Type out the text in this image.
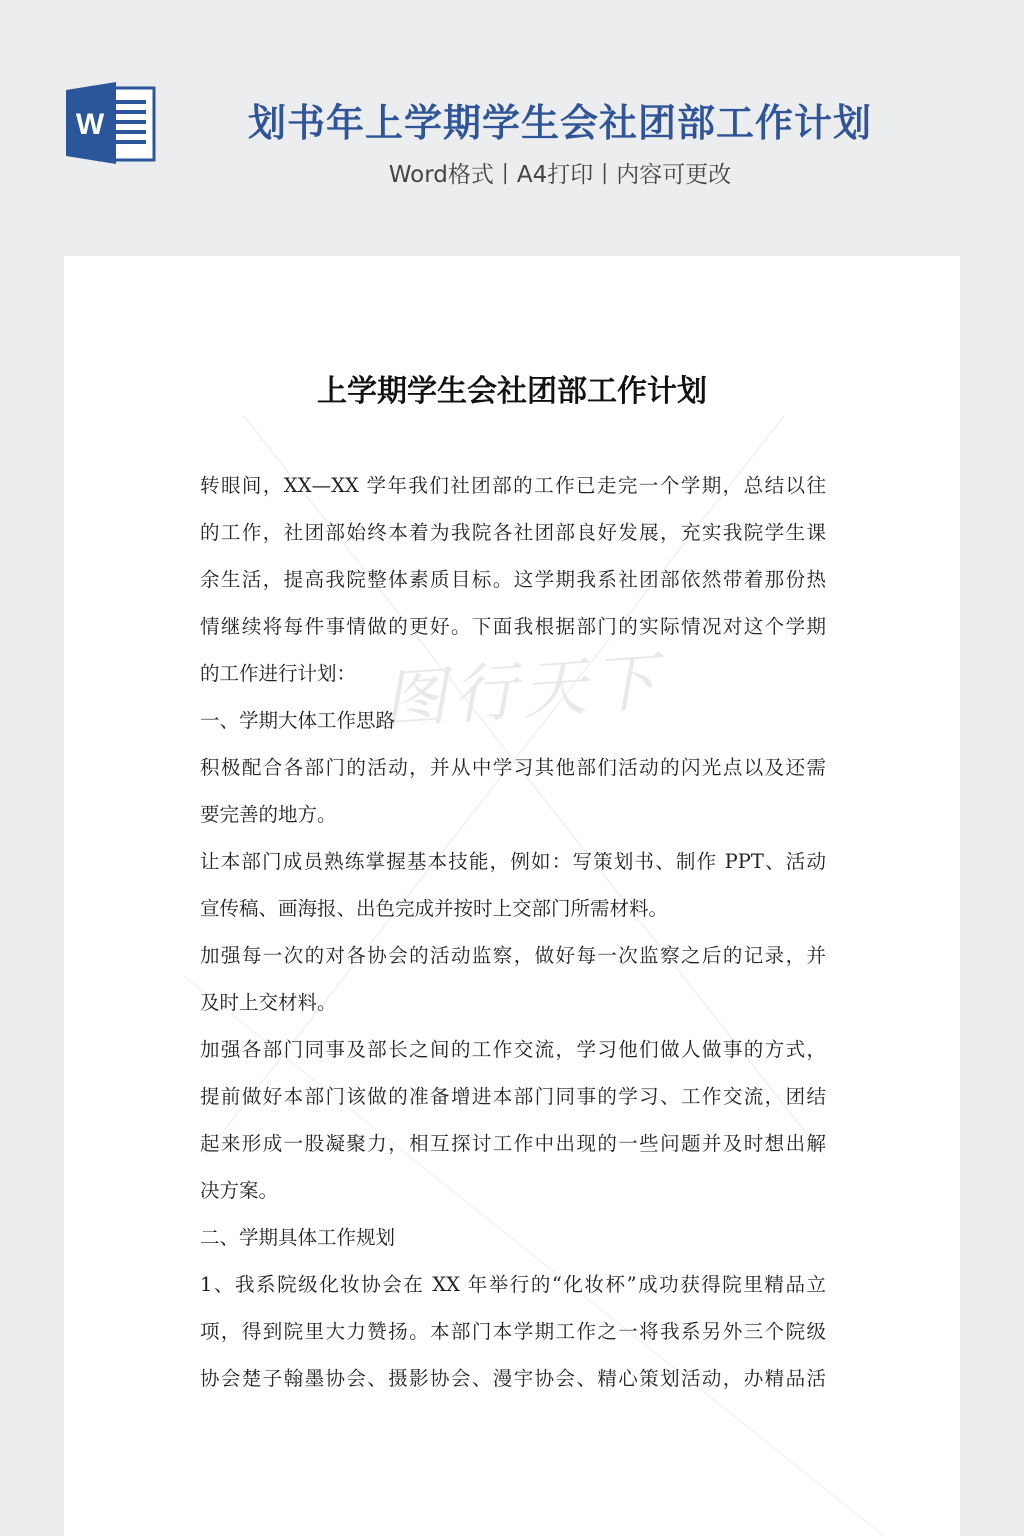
W	划书年上学期学生会社团部工作计划
Word格式丨A4打印丨内容可更改
图行天下
上学期学生会社团部工作计划
转眼间，XX—XX 学年我们社团部的工作已走完一个学期，总结以往
的工作，社团部始终本着为我院各社团部良好发展，充实我院学生课
余生活，提高我院整体素质目标。这学期我系社团部依然带着那份热
情继续将每件事情做的更好。下面我根据部门的实际情况对这个学期
的工作进行计划：
一、学期大体工作思路
积极配合各部门的活动，并从中学习其他部们活动的闪光点以及还需
要完善的地方。
让本部门成员熟练掌握基本技能，例如：写策划书、制作 PPT、活动
宣传稿、画海报、出色完成并按时上交部门所需材料。
加强每一次的对各协会的活动监察，做好每一次监察之后的记录，并
及时上交材料。
加强各部门同事及部长之间的工作交流，学习他们做人做事的方式，
提前做好本部门该做的准备增进本部门同事的学习、工作交流，团结
起来形成一股凝聚力，相互探讨工作中出现的一些问题并及时想出解
决方案。
二、学期具体工作规划
1、我系院级化妆协会在 XX 年举行的“化妆杯”成功获得院里精品立
项，得到院里大力赞扬。本部门本学期工作之一将我系另外三个院级
协会楚子翰墨协会、摄影协会、漫宇协会、精心策划活动，办精品活
